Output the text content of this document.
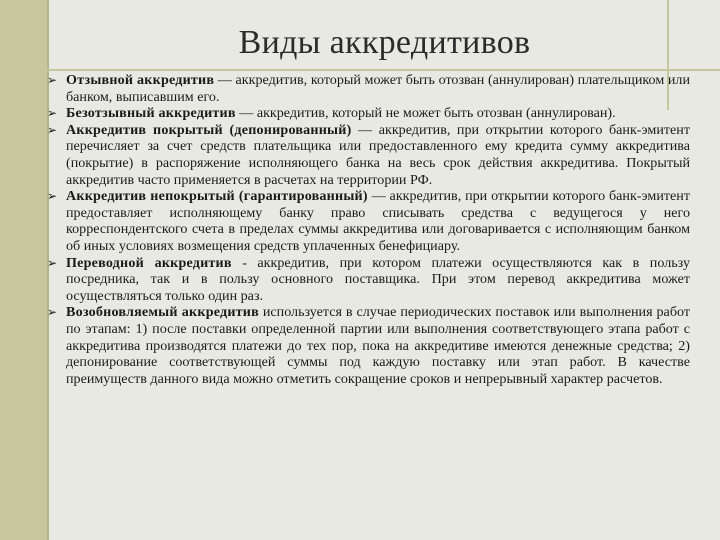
Виды аккредитивов
➢ Отзывной аккредитив — аккредитив, который может быть отозван (аннулирован) плательщиком или банком, выписавшим его.
➢ Безотзывный аккредитив — аккредитив, который не может быть отозван (аннулирован).
➢ Аккредитив покрытый (депонированный) — аккредитив, при открытии которого банк-эмитент перечисляет за счет средств плательщика или предоставленного ему кредита сумму аккредитива (покрытие) в распоряжение исполняющего банка на весь срок действия аккредитива. Покрытый аккредитив часто применяется в расчетах на территории РФ.
➢ Аккредитив непокрытый (гарантированный) — аккредитив, при открытии которого банк-эмитент предоставляет исполняющему банку право списывать средства с ведущегося у него корреспондентского счета в пределах суммы аккредитива или договаривается с исполняющим банком об иных условиях возмещения средств уплаченных бенефициару.
➢ Переводной аккредитив - аккредитив, при котором платежи осуществляются как в пользу посредника, так и в пользу основного поставщика. При этом перевод аккредитива может осуществляться только один раз.
➢ Возобновляемый аккредитив используется в случае периодических поставок или выполнения работ по этапам: 1) после поставки определенной партии или выполнения соответствующего этапа работ с аккредитива производятся платежи до тех пор, пока на аккредитиве имеются денежные средства; 2) депонирование соответствующей суммы под каждую поставку или этап работ. В качестве преимуществ данного вида можно отметить сокращение сроков и непрерывный характер расчетов.
